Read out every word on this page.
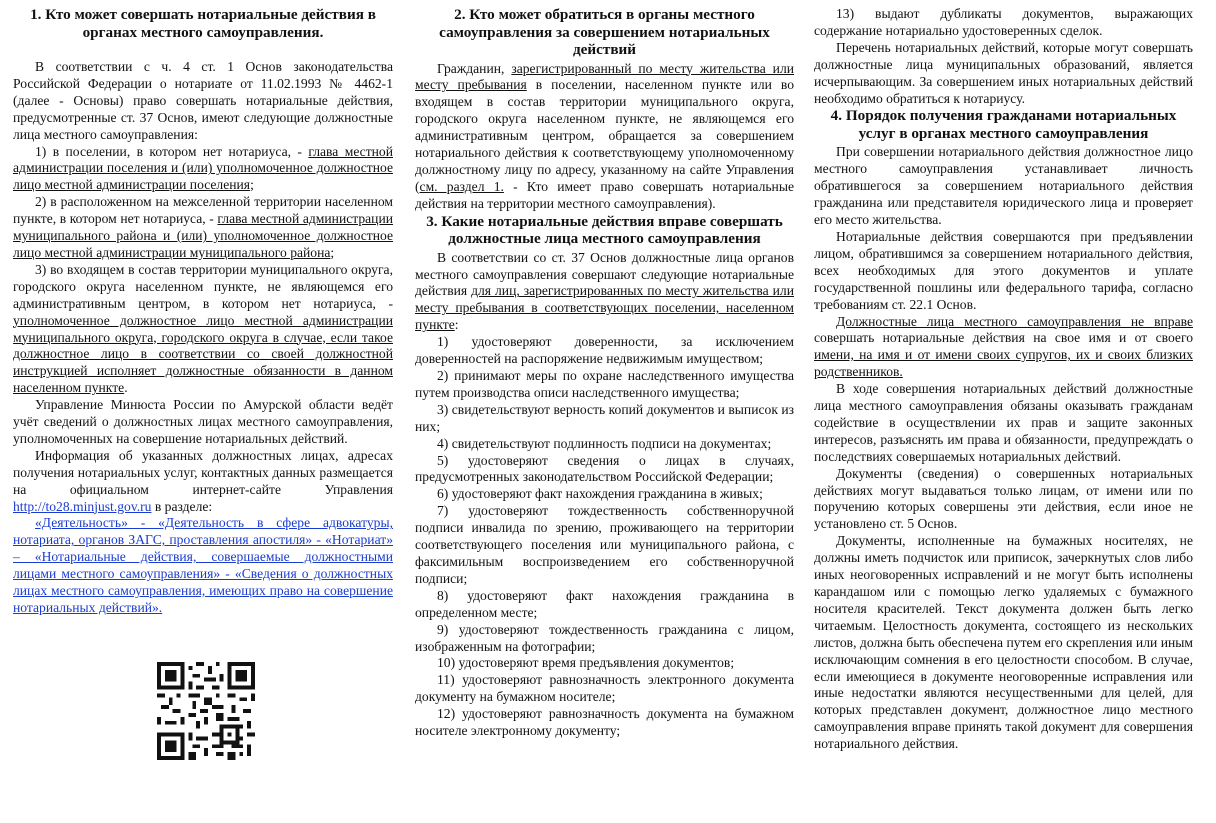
1. Кто может совершать нотариальные действия в органах местного самоуправления.

В соответствии с ч. 4 ст. 1 Основ законодательства Российской Федерации о нотариате от 11.02.1993 № 4462-1 (далее - Основы) право совершать нотариальные действия, предусмотренные ст. 37 Основ, имеют следующие должностные лица местного самоуправления:

1) в поселении, в котором нет нотариуса, - глава местной администрации поселения и (или) уполномоченное должностное лицо местной администрации поселения;

2) в расположенном на межселенной территории населенном пункте, в котором нет нотариуса, - глава местной администрации муниципального района и (или) уполномоченное должностное лицо местной администрации муниципального района;

3) во входящем в состав территории муниципального округа, городского округа населенном пункте, не являющемся его административным центром, в котором нет нотариуса, - уполномоченное должностное лицо местной администрации муниципального округа, городского округа в случае, если такое должностное лицо в соответствии со своей должностной инструкцией исполняет должностные обязанности в данном населенном пункте.

Управление Минюста России по Амурской области ведёт учёт сведений о должностных лицах местного самоуправления, уполномоченных на совершение нотариальных действий.

Информация об указанных должностных лицах, адресах получения нотариальных услуг, контактных данных размещается на официальном интернет-сайте Управления http://to28.minjust.gov.ru в разделе:

«Деятельность» - «Деятельность в сфере адвокатуры, нотариата, органов ЗАГС, проставления апостиля» - «Нотариат» – «Нотариальные действия, совершаемые должностными лицами местного самоуправления» - «Сведения о должностных лицах местного самоуправления, имеющих право на совершение нотариальных действий».

2. Кто может обратиться в органы местного самоуправления за совершением нотариальных действий

Гражданин, зарегистрированный по месту жительства или месту пребывания в поселении, населенном пункте или во входящем в состав территории муниципального округа, городского округа населенном пункте, не являющемся его административным центром, обращается за совершением нотариального действия к соответствующему уполномоченному должностному лицу по адресу, указанному на сайте Управления (см. раздел 1. - Кто имеет право совершать нотариальные действия на территории местного самоуправления).

3. Какие нотариальные действия вправе совершать должностные лица местного самоуправления

В соответствии со ст. 37 Основ должностные лица органов местного самоуправления совершают следующие нотариальные действия для лиц, зарегистрированных по месту жительства или месту пребывания в соответствующих поселении, населенном пункте:

1) удостоверяют доверенности, за исключением доверенностей на распоряжение недвижимым имуществом;

2) принимают меры по охране наследственного имущества путем производства описи наследственного имущества;

3) свидетельствуют верность копий документов и выписок из них;

4) свидетельствуют подлинность подписи на документах;

5) удостоверяют сведения о лицах в случаях, предусмотренных законодательством Российской Федерации;

6) удостоверяют факт нахождения гражданина в живых;

7) удостоверяют тождественность собственноручной подписи инвалида по зрению, проживающего на территории соответствующего поселения или муниципального района, с факсимильным воспроизведением его собственноручной подписи;

8) удостоверяют факт нахождения гражданина в определенном месте;

9) удостоверяют тождественность гражданина с лицом, изображенным на фотографии;

10) удостоверяют время предъявления документов;

11) удостоверяют равнозначность электронного документа документу на бумажном носителе;

12) удостоверяют равнозначность документа на бумажном носителе электронному документу;

13) выдают дубликаты документов, выражающих содержание нотариально удостоверенных сделок.

Перечень нотариальных действий, которые могут совершать должностные лица муниципальных образований, является исчерпывающим. За совершением иных нотариальных действий необходимо обратиться к нотариусу.

4. Порядок получения гражданами нотариальных услуг в органах местного самоуправления

При совершении нотариального действия должностное лицо местного самоуправления устанавливает личность обратившегося за совершением нотариального действия гражданина или представителя юридического лица и проверяет его место жительства.

Нотариальные действия совершаются при предъявлении лицом, обратившимся за совершением нотариального действия, всех необходимых для этого документов и уплате государственной пошлины или федерального тарифа, согласно требованиям ст. 22.1 Основ.

Должностные лица местного самоуправления не вправе совершать нотариальные действия на свое имя и от своего имени, на имя и от имени своих супругов, их и своих близких родственников.

В ходе совершения нотариальных действий должностные лица местного самоуправления обязаны оказывать гражданам содействие в осуществлении их прав и защите законных интересов, разъяснять им права и обязанности, предупреждать о последствиях совершаемых нотариальных действий.

Документы (сведения) о совершенных нотариальных действиях могут выдаваться только лицам, от имени или по поручению которых совершены эти действия, если иное не установлено ст. 5 Основ.

Документы, исполненные на бумажных носителях, не должны иметь подчисток или приписок, зачеркнутых слов либо иных неоговоренных исправлений и не могут быть исполнены карандашом или с помощью легко удаляемых с бумажного носителя красителей. Текст документа должен быть легко читаемым. Целостность документа, состоящего из нескольких листов, должна быть обеспечена путем его скрепления или иным исключающим сомнения в его целостности способом. В случае, если имеющиеся в документе неоговоренные исправления или иные недостатки являются несущественными для целей, для которых представлен документ, должностное лицо местного самоуправления вправе принять такой документ для совершения нотариального действия.
